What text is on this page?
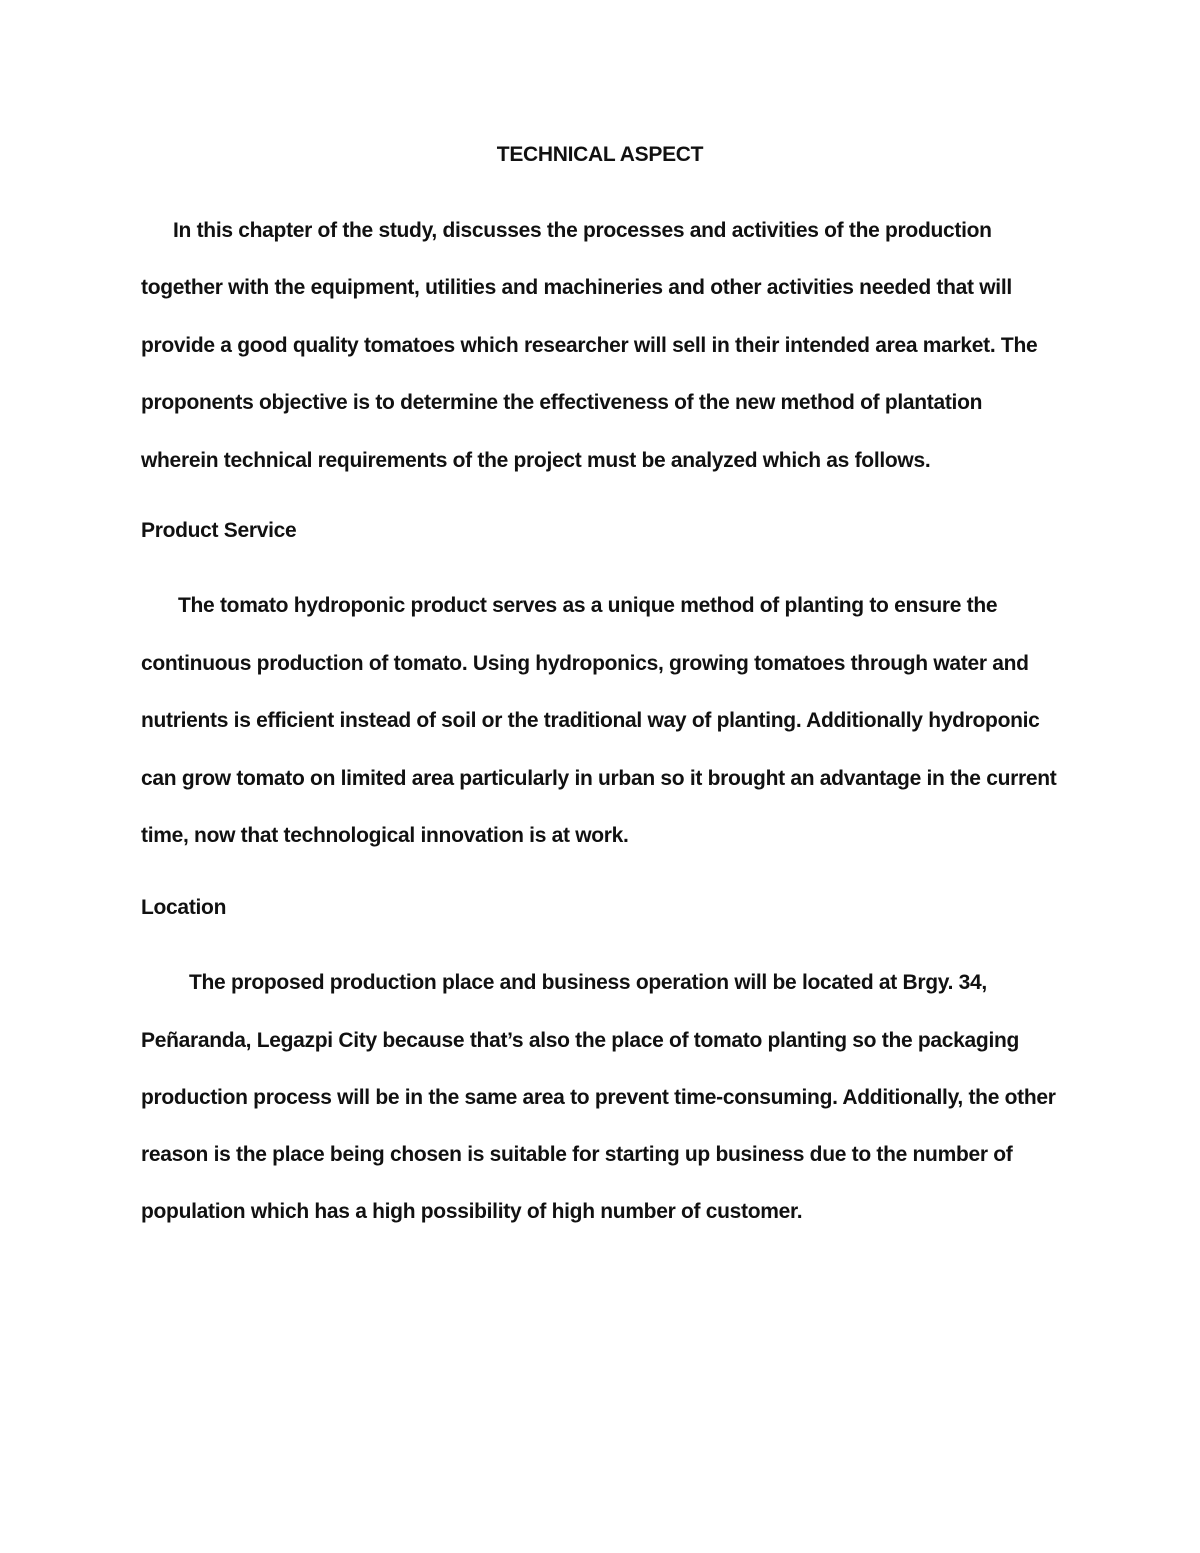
TECHNICAL ASPECT
In this chapter of the study, discusses the processes and activities of the production
together with the equipment, utilities and machineries and other activities needed that will
provide a good quality tomatoes which researcher will sell in their intended area market. The
proponents objective is to determine the effectiveness of the new method of plantation
wherein technical requirements of the project must be analyzed which as follows.
Product Service
The tomato hydroponic product serves as a unique method of planting to ensure the
continuous production of tomato. Using hydroponics, growing tomatoes through water and
nutrients is efficient instead of soil or the traditional way of planting. Additionally hydroponic
can grow tomato on limited area particularly in urban so it brought an advantage in the current
time, now that technological innovation is at work.
Location
The proposed production place and business operation will be located at Brgy. 34,
Peñaranda, Legazpi City because that’s also the place of tomato planting so the packaging
production process will be in the same area to prevent time-consuming. Additionally, the other
reason is the place being chosen is suitable for starting up business due to the number of
population which has a high possibility of high number of customer.
